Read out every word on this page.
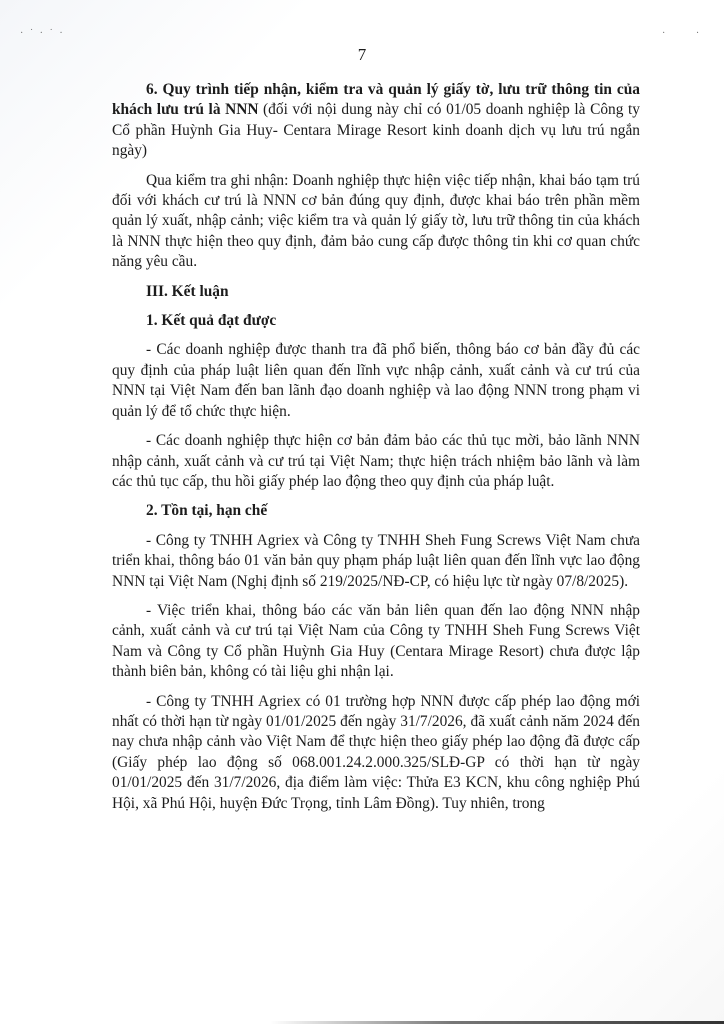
· ˙ · ˙ ·	· ·
7

6. Quy trình tiếp nhận, kiểm tra và quản lý giấy tờ, lưu trữ thông tin của khách lưu trú là NNN (đối với nội dung này chỉ có 01/05 doanh nghiệp là Công ty Cổ phần Huỳnh Gia Huy- Centara Mirage Resort kinh doanh dịch vụ lưu trú ngắn ngày)

Qua kiểm tra ghi nhận: Doanh nghiệp thực hiện việc tiếp nhận, khai báo tạm trú đối với khách cư trú là NNN cơ bản đúng quy định, được khai báo trên phần mềm quản lý xuất, nhập cảnh; việc kiểm tra và quản lý giấy tờ, lưu trữ thông tin của khách là NNN thực hiện theo quy định, đảm bảo cung cấp được thông tin khi cơ quan chức năng yêu cầu.

III. Kết luận

1. Kết quả đạt được

- Các doanh nghiệp được thanh tra đã phổ biến, thông báo cơ bản đầy đủ các quy định của pháp luật liên quan đến lĩnh vực nhập cảnh, xuất cảnh và cư trú của NNN tại Việt Nam đến ban lãnh đạo doanh nghiệp và lao động NNN trong phạm vi quản lý để tổ chức thực hiện.

- Các doanh nghiệp thực hiện cơ bản đảm bảo các thủ tục mời, bảo lãnh NNN nhập cảnh, xuất cảnh và cư trú tại Việt Nam; thực hiện trách nhiệm bảo lãnh và làm các thủ tục cấp, thu hồi giấy phép lao động theo quy định của pháp luật.

2. Tồn tại, hạn chế

- Công ty TNHH Agriex và Công ty TNHH Sheh Fung Screws Việt Nam chưa triển khai, thông báo 01 văn bản quy phạm pháp luật liên quan đến lĩnh vực lao động NNN tại Việt Nam (Nghị định số 219/2025/NĐ-CP, có hiệu lực từ ngày 07/8/2025).

- Việc triển khai, thông báo các văn bản liên quan đến lao động NNN nhập cảnh, xuất cảnh và cư trú tại Việt Nam của Công ty TNHH Sheh Fung Screws Việt Nam và Công ty Cổ phần Huỳnh Gia Huy (Centara Mirage Resort) chưa được lập thành biên bản, không có tài liệu ghi nhận lại.

- Công ty TNHH Agriex có 01 trường hợp NNN được cấp phép lao động mới nhất có thời hạn từ ngày 01/01/2025 đến ngày 31/7/2026, đã xuất cảnh năm 2024 đến nay chưa nhập cảnh vào Việt Nam để thực hiện theo giấy phép lao động đã được cấp (Giấy phép lao động số 068.001.24.2.000.325/SLĐ-GP có thời hạn từ ngày 01/01/2025 đến 31/7/2026, địa điểm làm việc: Thửa E3 KCN, khu công nghiệp Phú Hội, xã Phú Hội, huyện Đức Trọng, tỉnh Lâm Đồng). Tuy nhiên, trong
